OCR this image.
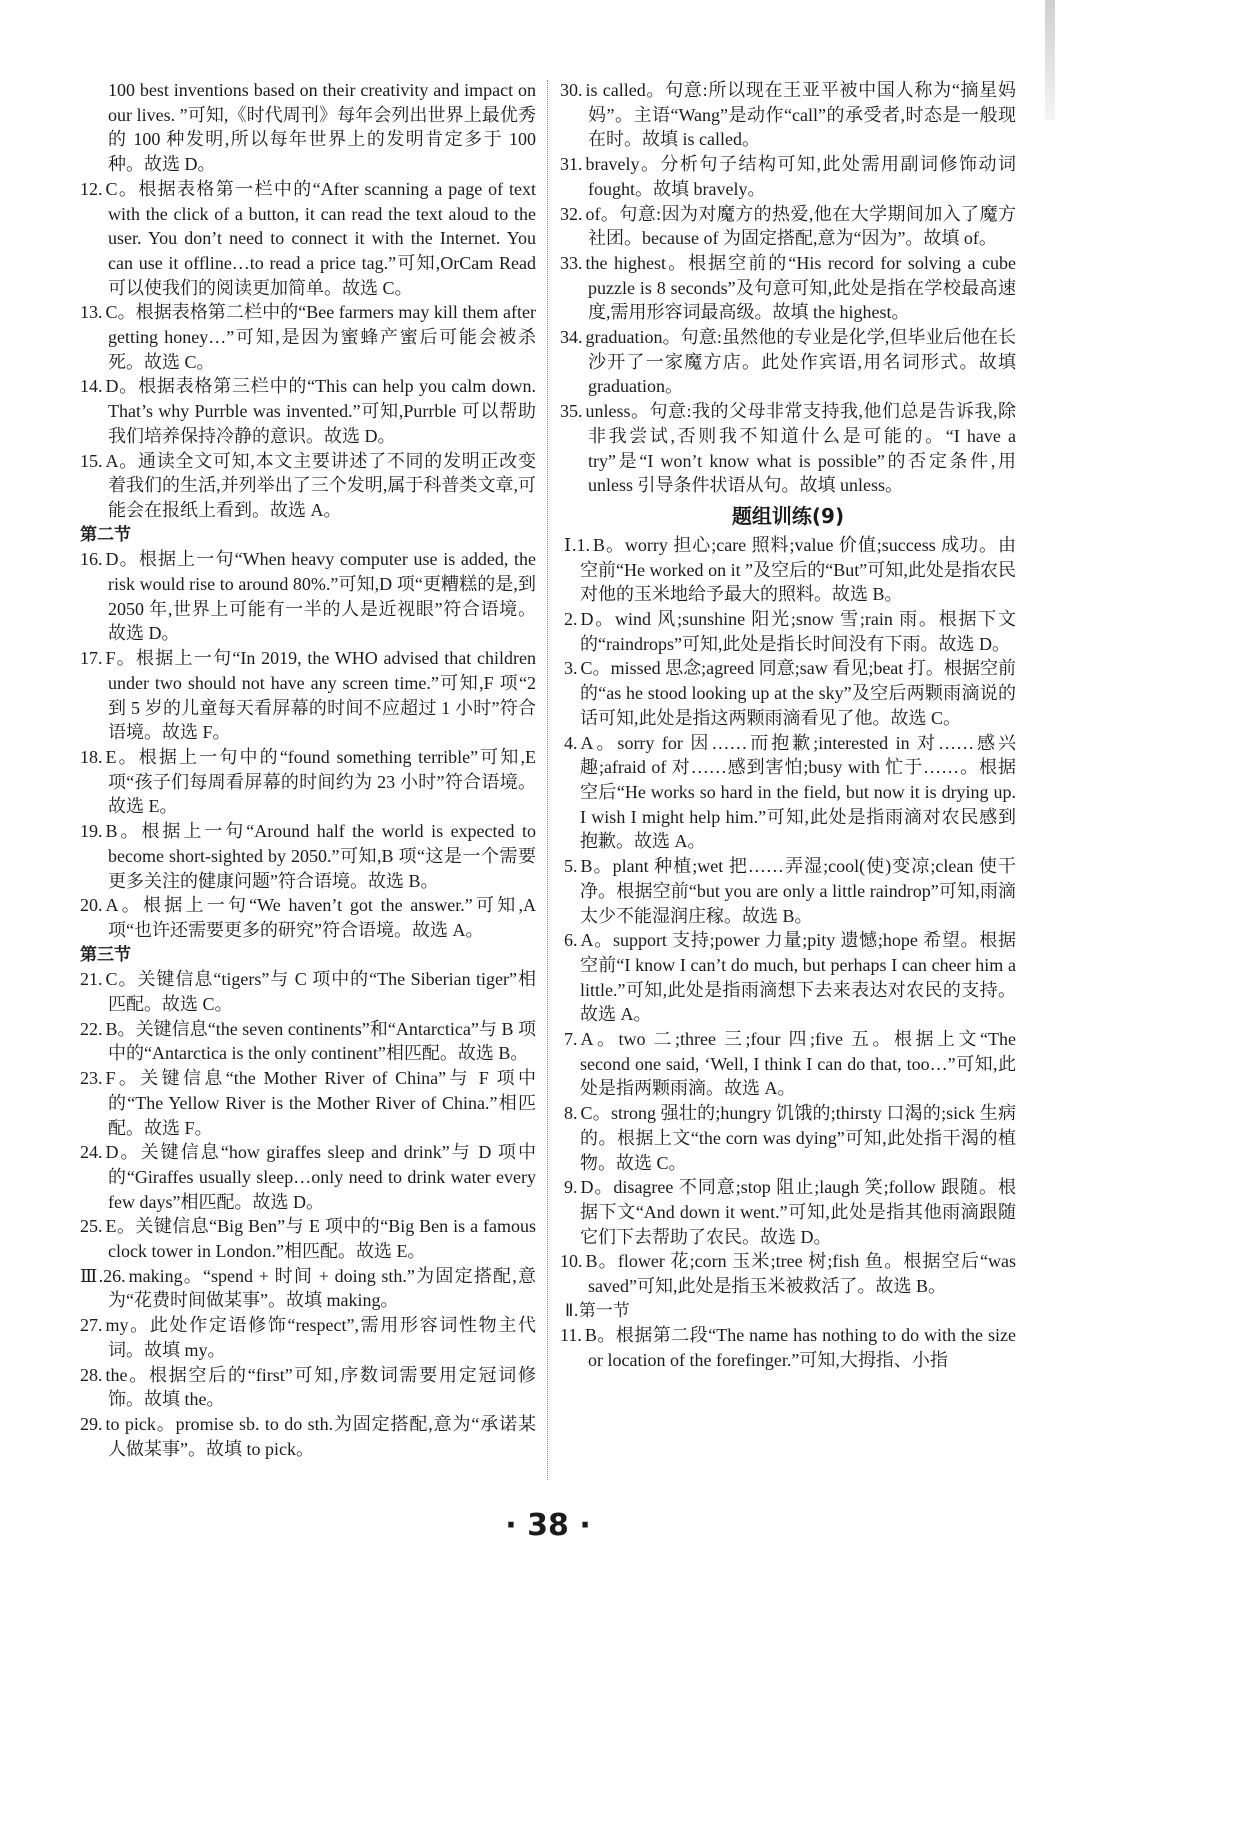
100 best inventions based on their creativity and impact on our lives. ”可知,《时代周刊》每年会列出世界上最优秀的 100 种发明,所以每年世界上的发明肯定多于 100 种。故选 D。

12. C。根据表格第一栏中的“After scanning a page of text with the click of a button, it can read the text aloud to the user. You don’t need to connect it with the Internet. You can use it offline…to read a price tag.”可知,OrCam Read 可以使我们的阅读更加简单。故选 C。

13. C。根据表格第二栏中的“Bee farmers may kill them after getting honey…”可知,是因为蜜蜂产蜜后可能会被杀死。故选 C。

14. D。根据表格第三栏中的“This can help you calm down. That’s why Purrble was invented.”可知,Purrble 可以帮助我们培养保持冷静的意识。故选 D。

15. A。通读全文可知,本文主要讲述了不同的发明正改变着我们的生活,并列举出了三个发明,属于科普类文章,可能会在报纸上看到。故选 A。

第二节

16. D。根据上一句“When heavy computer use is added, the risk would rise to around 80%.”可知,D 项“更糟糕的是,到 2050 年,世界上可能有一半的人是近视眼”符合语境。故选 D。

17. F。根据上一句“In 2019, the WHO advised that children under two should not have any screen time.”可知,F 项“2 到 5 岁的儿童每天看屏幕的时间不应超过 1 小时”符合语境。故选 F。

18. E。根据上一句中的“found something terrible”可知,E 项“孩子们每周看屏幕的时间约为 23 小时”符合语境。故选 E。

19. B。根据上一句“Around half the world is expected to become short-sighted by 2050.”可知,B 项“这是一个需要更多关注的健康问题”符合语境。故选 B。

20. A。根据上一句“We haven’t got the answer.”可知,A 项“也许还需要更多的研究”符合语境。故选 A。

第三节

21. C。关键信息“tigers”与 C 项中的“The Siberian tiger”相匹配。故选 C。

22. B。关键信息“the seven continents”和“Antarctica”与 B 项中的“Antarctica is the only continent”相匹配。故选 B。

23. F。关键信息“the Mother River of China”与 F 项中的“The Yellow River is the Mother River of China.”相匹配。故选 F。

24. D。关键信息“how giraffes sleep and drink”与 D 项中的“Giraffes usually sleep…only need to drink water every few days”相匹配。故选 D。

25. E。关键信息“Big Ben”与 E 项中的“Big Ben is a famous clock tower in London.”相匹配。故选 E。

Ⅲ.26. making。“spend + 时间 + doing sth.”为固定搭配,意为“花费时间做某事”。故填 making。

27. my。此处作定语修饰“respect”,需用形容词性物主代词。故填 my。

28. the。根据空后的“first”可知,序数词需要用定冠词修饰。故填 the。

29. to pick。promise sb. to do sth.为固定搭配,意为“承诺某人做某事”。故填 to pick。

30. is called。句意:所以现在王亚平被中国人称为“摘星妈妈”。主语“Wang”是动作“call”的承受者,时态是一般现在时。故填 is called。

31. bravely。分析句子结构可知,此处需用副词修饰动词 fought。故填 bravely。

32. of。句意:因为对魔方的热爱,他在大学期间加入了魔方社团。because of 为固定搭配,意为“因为”。故填 of。

33. the highest。根据空前的“His record for solving a cube puzzle is 8 seconds”及句意可知,此处是指在学校最高速度,需用形容词最高级。故填 the highest。

34. graduation。句意:虽然他的专业是化学,但毕业后他在长沙开了一家魔方店。此处作宾语,用名词形式。故填 graduation。

35. unless。句意:我的父母非常支持我,他们总是告诉我,除非我尝试,否则我不知道什么是可能的。“I have a try”是“I won’t know what is possible”的否定条件,用 unless 引导条件状语从句。故填 unless。

题组训练(9)

Ⅰ.1. B。worry 担心;care 照料;value 价值;success 成功。由空前“He worked on it ”及空后的“But”可知,此处是指农民对他的玉米地给予最大的照料。故选 B。

2. D。wind 风;sunshine 阳光;snow 雪;rain 雨。根据下文的“raindrops”可知,此处是指长时间没有下雨。故选 D。

3. C。missed 思念;agreed 同意;saw 看见;beat 打。根据空前的“as he stood looking up at the sky”及空后两颗雨滴说的话可知,此处是指这两颗雨滴看见了他。故选 C。

4. A。sorry for 因……而抱歉;interested in 对……感兴趣;afraid of 对……感到害怕;busy with 忙于……。根据空后“He works so hard in the field, but now it is drying up. I wish I might help him.”可知,此处是指雨滴对农民感到抱歉。故选 A。

5. B。plant 种植;wet 把……弄湿;cool(使)变凉;clean 使干净。根据空前“but you are only a little raindrop”可知,雨滴太少不能湿润庄稼。故选 B。

6. A。support 支持;power 力量;pity 遗憾;hope 希望。根据空前“I know I can’t do much, but perhaps I can cheer him a little.”可知,此处是指雨滴想下去来表达对农民的支持。故选 A。

7. A。two 二;three 三;four 四;five 五。根据上文“The second one said, ‘Well, I think I can do that, too…”可知,此处是指两颗雨滴。故选 A。

8. C。strong 强壮的;hungry 饥饿的;thirsty 口渴的;sick 生病的。根据上文“the corn was dying”可知,此处指干渴的植物。故选 C。

9. D。disagree 不同意;stop 阻止;laugh 笑;follow 跟随。根据下文“And down it went.”可知,此处是指其他雨滴跟随它们下去帮助了农民。故选 D。

10. B。flower 花;corn 玉米;tree 树;fish 鱼。根据空后“was saved”可知,此处是指玉米被救活了。故选 B。

Ⅱ.第一节

11. B。根据第二段“The name has nothing to do with the size or location of the forefinger.”可知,大拇指、小指

· 38 ·
